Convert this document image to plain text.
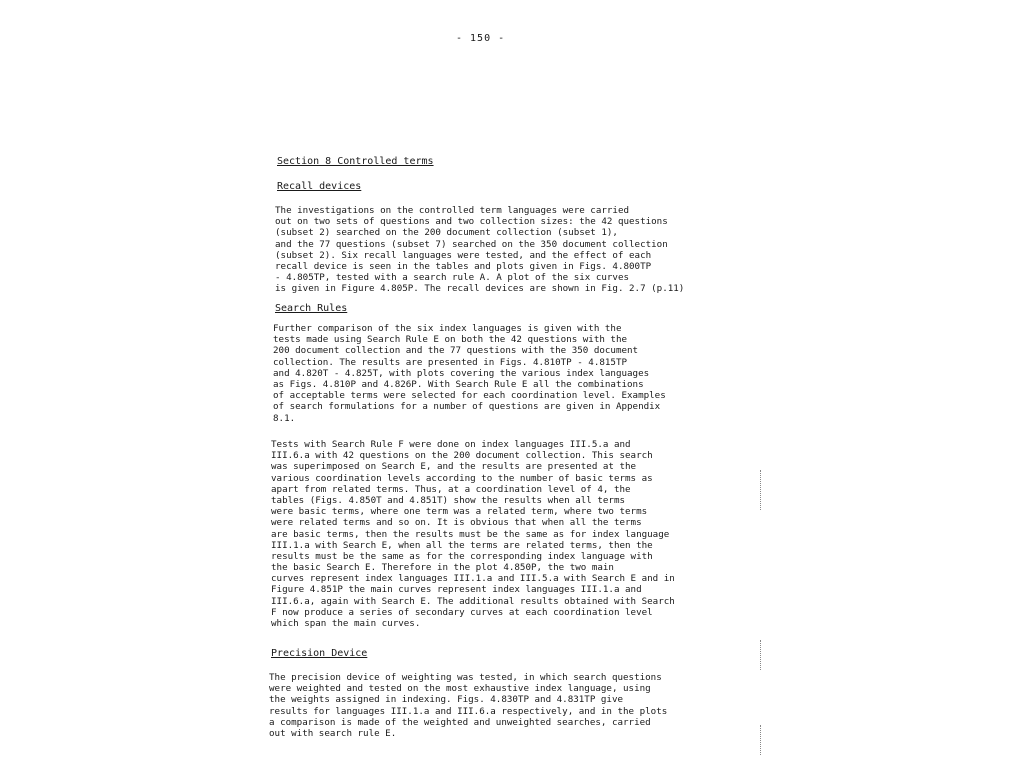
- 150 -
Section 8 Controlled terms
Recall devices
The investigations on the controlled term languages were carried
out on two sets of questions and two collection sizes: the 42 questions
(subset 2) searched on the 200 document collection (subset 1),
and the 77 questions (subset 7) searched on the 350 document collection
(subset 2). Six recall languages were tested, and the effect of each
recall device is seen in the tables and plots given in Figs. 4.800TP
- 4.805TP, tested with a search rule A. A plot of the six curves
is given in Figure 4.805P. The recall devices are shown in Fig. 2.7 (p.11)
Search Rules
Further comparison of the six index languages is given with the
tests made using Search Rule E on both the 42 questions with the
200 document collection and the 77 questions with the 350 document
collection. The results are presented in Figs. 4.810TP - 4.815TP
and 4.820T - 4.825T, with plots covering the various index languages
as Figs. 4.810P and 4.826P. With Search Rule E all the combinations
of acceptable terms were selected for each coordination level. Examples
of search formulations for a number of questions are given in Appendix
8.1.
Tests with Search Rule F were done on index languages III.5.a and
III.6.a with 42 questions on the 200 document collection. This search
was superimposed on Search E, and the results are presented at the
various coordination levels according to the number of basic terms as
apart from related terms. Thus, at a coordination level of 4, the
tables (Figs. 4.850T and 4.851T) show the results when all terms
were basic terms, where one term was a related term, where two terms
were related terms and so on. It is obvious that when all the terms
are basic terms, then the results must be the same as for index language
III.1.a with Search E, when all the terms are related terms, then the
results must be the same as for the corresponding index language with
the basic Search E. Therefore in the plot 4.850P, the two main
curves represent index languages III.1.a and III.5.a with Search E and in
Figure 4.851P the main curves represent index languages III.1.a and
III.6.a, again with Search E. The additional results obtained with Search
F now produce a series of secondary curves at each coordination level
which span the main curves.
Precision Device
The precision device of weighting was tested, in which search questions
were weighted and tested on the most exhaustive index language, using
the weights assigned in indexing. Figs. 4.830TP and 4.831TP give
results for languages III.1.a and III.6.a respectively, and in the plots
a comparison is made of the weighted and unweighted searches, carried
out with search rule E.
